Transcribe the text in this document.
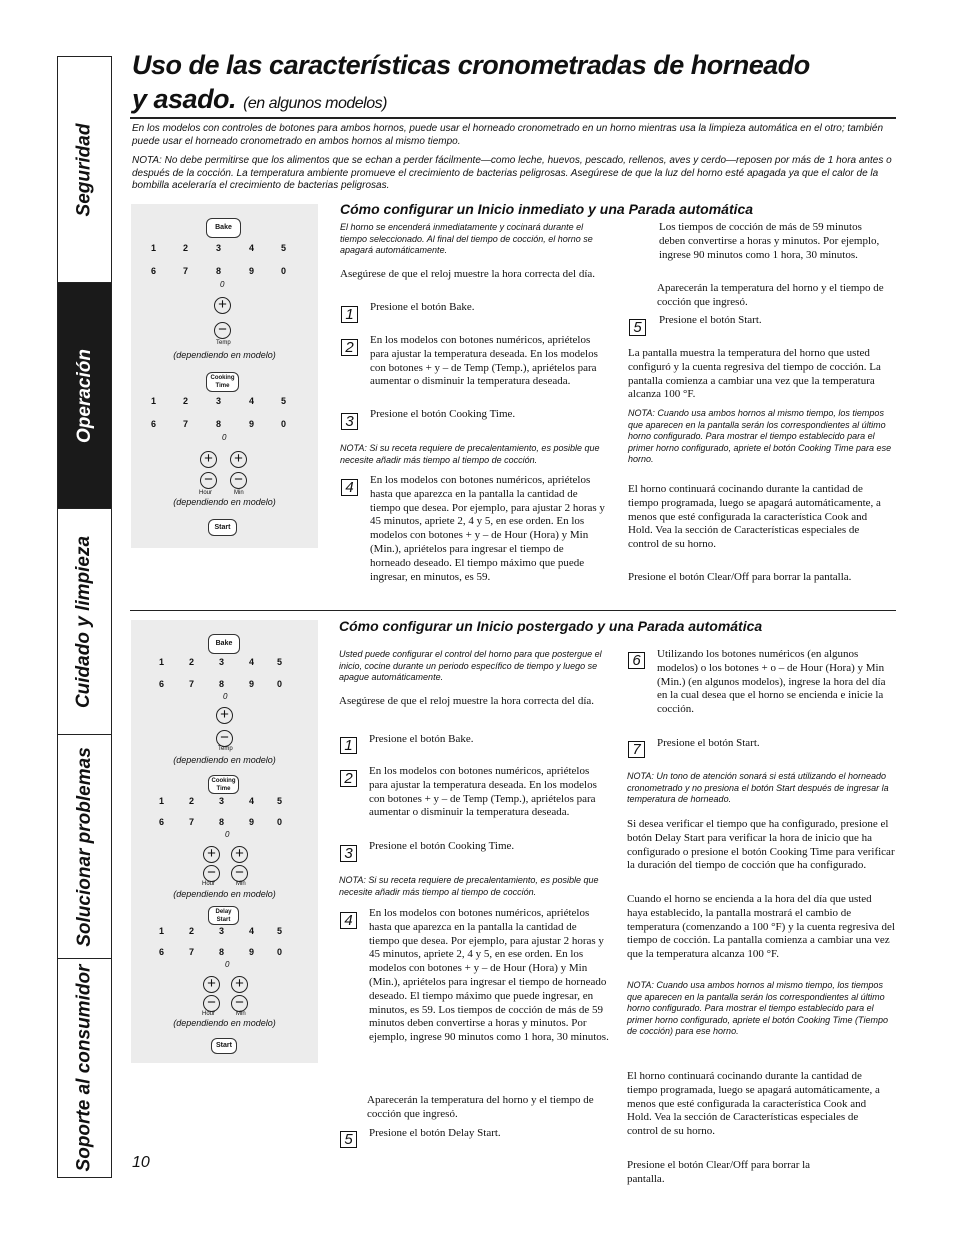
Seguridad
Operación
Cuidado y limpieza
Solucionar problemas
Soporte al consumidor
Uso de las características cronometradas de horneado
y asado. (en algunos modelos)
En los modelos con controles de botones para ambos hornos, puede usar el horneado cronometrado en un horno mientras usa la limpieza automática en el otro; también puede usar el horneado cronometrado en ambos hornos al mismo tiempo.
NOTA: No debe permitirse que los alimentos que se echan a perder fácilmente—como leche, huevos, pescado, rellenos, aves y cerdo—reposen por más de 1 hora antes o después de la cocción. La temperatura ambiente promueve el crecimiento de bacterias peligrosas. Asegúrese de que la luz del horno esté apagada ya que el calor de la bombilla aceleraría el crecimiento de bacterias peligrosas.
Bake
1	2	3	4	5
6	7	8	9	0
0
+
−
Temp
(dependiendo en modelo)
Cooking Time
1	2	3	4	5
6	7	8	9	0
0
+ +
− −
Hour	Min
(dependiendo en modelo)
Start
Cómo configurar un Inicio inmediato y una Parada automática
El horno se encenderá inmediatamente y cocinará durante el tiempo seleccionado. Al final del tiempo de cocción, el horno se apagará automáticamente.
Asegúrese de que el reloj muestre la hora correcta del día.
1	Presione el botón Bake.
2	En los modelos con botones numéricos, apriételos para ajustar la temperatura deseada. En los modelos con botones + y – de Temp (Temp.), apriételos para aumentar o disminuir la temperatura deseada.
3	Presione el botón Cooking Time.
NOTA: Si su receta requiere de precalentamiento, es posible que necesite añadir más tiempo al tiempo de cocción.
4	En los modelos con botones numéricos, apriételos hasta que aparezca en la pantalla la cantidad de tiempo que desea. Por ejemplo, para ajustar 2 horas y 45 minutos, apriete 2, 4 y 5, en ese orden. En los modelos con botones + y – de Hour (Hora) y Min (Min.), apriételos para ingresar el tiempo de horneado deseado. El tiempo máximo que puede ingresar, en minutos, es 59.
Los tiempos de cocción de más de 59 minutos deben convertirse a horas y minutos. Por ejemplo, ingrese 90 minutos como 1 hora, 30 minutos.
Aparecerán la temperatura del horno y el tiempo de cocción que ingresó.
5	Presione el botón Start.
La pantalla muestra la temperatura del horno que usted configuró y la cuenta regresiva del tiempo de cocción. La pantalla comienza a cambiar una vez que la temperatura alcanza 100 °F.
NOTA: Cuando usa ambos hornos al mismo tiempo, los tiempos que aparecen en la pantalla serán los correspondientes al último horno configurado. Para mostrar el tiempo establecido para el primer horno configurado, apriete el botón Cooking Time para ese horno.
El horno continuará cocinando durante la cantidad de tiempo programada, luego se apagará automáticamente, a menos que esté configurada la característica Cook and Hold. Vea la sección de Características especiales de control de su horno.
Presione el botón Clear/Off para borrar la pantalla.
Bake
1	2	3	4	5
6	7	8	9	0
0
+
−
Temp
(dependiendo en modelo)
Cooking Time
1	2	3	4	5
6	7	8	9	0
0
+ +
− −
Hour	Min
(dependiendo en modelo)
Delay Start
1	2	3	4	5
6	7	8	9	0
0
+ +
− −
Hour	Min
(dependiendo en modelo)
Start
Cómo configurar un Inicio postergado y una Parada automática
Usted puede configurar el control del horno para que postergue el inicio, cocine durante un periodo específico de tiempo y luego se apague automáticamente.
Asegúrese de que el reloj muestre la hora correcta del día.
1	Presione el botón Bake.
2	En los modelos con botones numéricos, apriételos para ajustar la temperatura deseada. En los modelos con botones + y – de Temp (Temp.), apriételos para aumentar o disminuir la temperatura deseada.
3	Presione el botón Cooking Time.
NOTA: Si su receta requiere de precalentamiento, es posible que necesite añadir más tiempo al tiempo de cocción.
4	En los modelos con botones numéricos, apriételos hasta que aparezca en la pantalla la cantidad de tiempo que desea. Por ejemplo, para ajustar 2 horas y 45 minutos, apriete 2, 4 y 5, en ese orden. En los modelos con botones + y – de Hour (Hora) y Min (Min.), apriételos para ingresar el tiempo de horneado deseado. El tiempo máximo que puede ingresar, en minutos, es 59. Los tiempos de cocción de más de 59 minutos deben convertirse a horas y minutos. Por ejemplo, ingrese 90 minutos como 1 hora, 30 minutos.
Aparecerán la temperatura del horno y el tiempo de cocción que ingresó.
5	Presione el botón Delay Start.
6	Utilizando los botones numéricos (en algunos modelos) o los botones + o – de Hour (Hora) y Min (Min.) (en algunos modelos), ingrese la hora del día en la cual desea que el horno se encienda e inicie la cocción.
7	Presione el botón Start.
NOTA: Un tono de atención sonará si está utilizando el horneado cronometrado y no presiona el botón Start después de ingresar la temperatura de horneado.
Si desea verificar el tiempo que ha configurado, presione el botón Delay Start para verificar la hora de inicio que ha configurado o presione el botón Cooking Time para verificar la duración del tiempo de cocción que ha configurado.
Cuando el horno se encienda a la hora del día que usted haya establecido, la pantalla mostrará el cambio de temperatura (comenzando a 100 °F) y la cuenta regresiva del tiempo de cocción. La pantalla comienza a cambiar una vez que la temperatura alcanza 100 °F.
NOTA: Cuando usa ambos hornos al mismo tiempo, los tiempos que aparecen en la pantalla serán los correspondientes al último horno configurado. Para mostrar el tiempo establecido para el primer horno configurado, apriete el botón Cooking Time (Tiempo de cocción) para ese horno.
El horno continuará cocinando durante la cantidad de tiempo programada, luego se apagará automáticamente, a menos que esté configurada la característica Cook and Hold. Vea la sección de Características especiales de control de su horno.
Presione el botón Clear/Off para borrar la pantalla.
10
